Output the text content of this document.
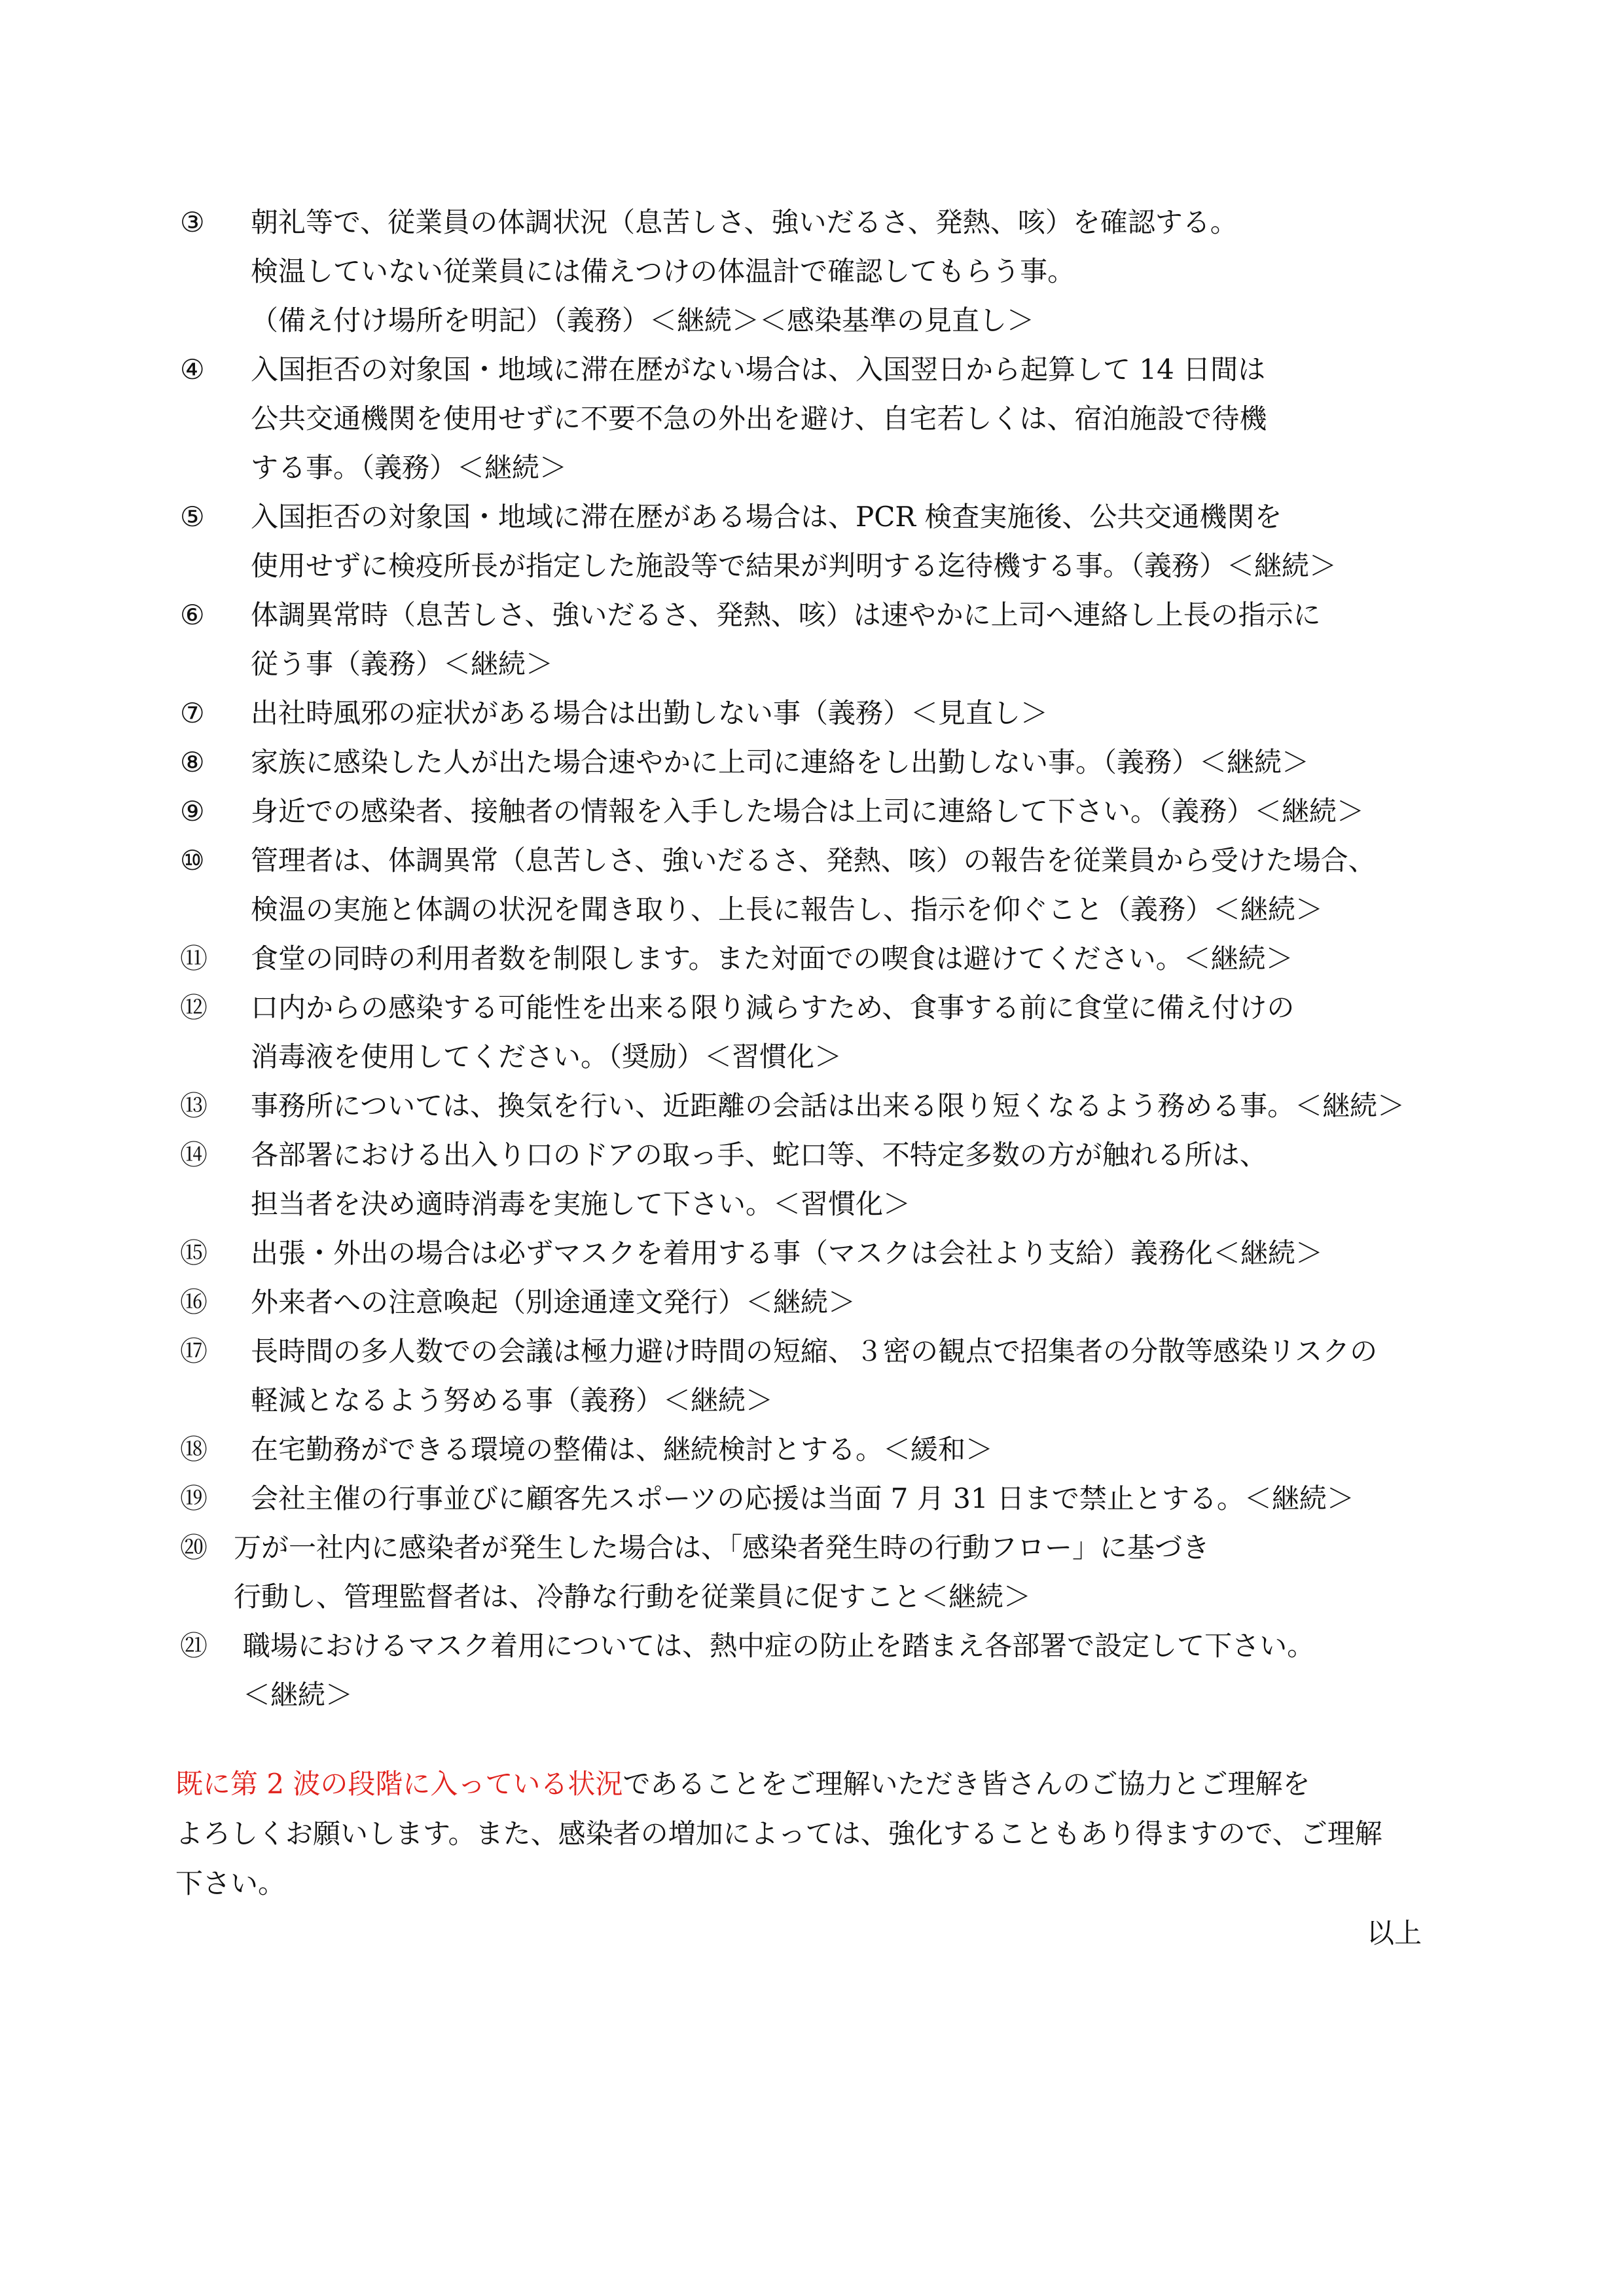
③	朝礼等で、従業員の体調状況（息苦しさ、強いだるさ、発熱、咳）を確認する。
検温していない従業員には備えつけの体温計で確認してもらう事。
（備え付け場所を明記）（義務）＜継続＞＜感染基準の見直し＞
④	入国拒否の対象国・地域に滞在歴がない場合は、入国翌日から起算して 14 日間は
公共交通機関を使用せずに不要不急の外出を避け、自宅若しくは、宿泊施設で待機
する事。（義務）＜継続＞
⑤	入国拒否の対象国・地域に滞在歴がある場合は、PCR 検査実施後、公共交通機関を
使用せずに検疫所長が指定した施設等で結果が判明する迄待機する事。（義務）＜継続＞
⑥	体調異常時（息苦しさ、強いだるさ、発熱、咳）は速やかに上司へ連絡し上長の指示に
従う事（義務）＜継続＞
⑦	出社時風邪の症状がある場合は出勤しない事（義務）＜見直し＞
⑧	家族に感染した人が出た場合速やかに上司に連絡をし出勤しない事。（義務）＜継続＞
⑨	身近での感染者、接触者の情報を入手した場合は上司に連絡して下さい。（義務）＜継続＞
⑩	管理者は、体調異常（息苦しさ、強いだるさ、発熱、咳）の報告を従業員から受けた場合、
検温の実施と体調の状況を聞き取り、上長に報告し、指示を仰ぐこと（義務）＜継続＞
⑪	食堂の同時の利用者数を制限します。また対面での喫食は避けてください。＜継続＞
⑫	口内からの感染する可能性を出来る限り減らすため、食事する前に食堂に備え付けの
消毒液を使用してください。（奨励）＜習慣化＞
⑬	事務所については、換気を行い、近距離の会話は出来る限り短くなるよう務める事。＜継続＞
⑭	各部署における出入り口のドアの取っ手、蛇口等、不特定多数の方が触れる所は、
担当者を決め適時消毒を実施して下さい。＜習慣化＞
⑮	出張・外出の場合は必ずマスクを着用する事（マスクは会社より支給）義務化＜継続＞
⑯	外来者への注意喚起（別途通達文発行）＜継続＞
⑰	長時間の多人数での会議は極力避け時間の短縮、３密の観点で招集者の分散等感染リスクの
軽減となるよう努める事（義務）＜継続＞
⑱	在宅勤務ができる環境の整備は、継続検討とする。＜緩和＞
⑲	会社主催の行事並びに顧客先スポーツの応援は当面 7 月 31 日まで禁止とする。＜継続＞
⑳ 万が一社内に感染者が発生した場合は、「感染者発生時の行動フロー」に基づき
行動し、管理監督者は、冷静な行動を従業員に促すこと＜継続＞
㉑	職場におけるマスク着用については、熱中症の防止を踏まえ各部署で設定して下さい。
＜継続＞
既に第 2 波の段階に入っている状況であることをご理解いただき皆さんのご協力とご理解を
よろしくお願いします。また、感染者の増加によっては、強化することもあり得ますので、ご理解
下さい。
以上
